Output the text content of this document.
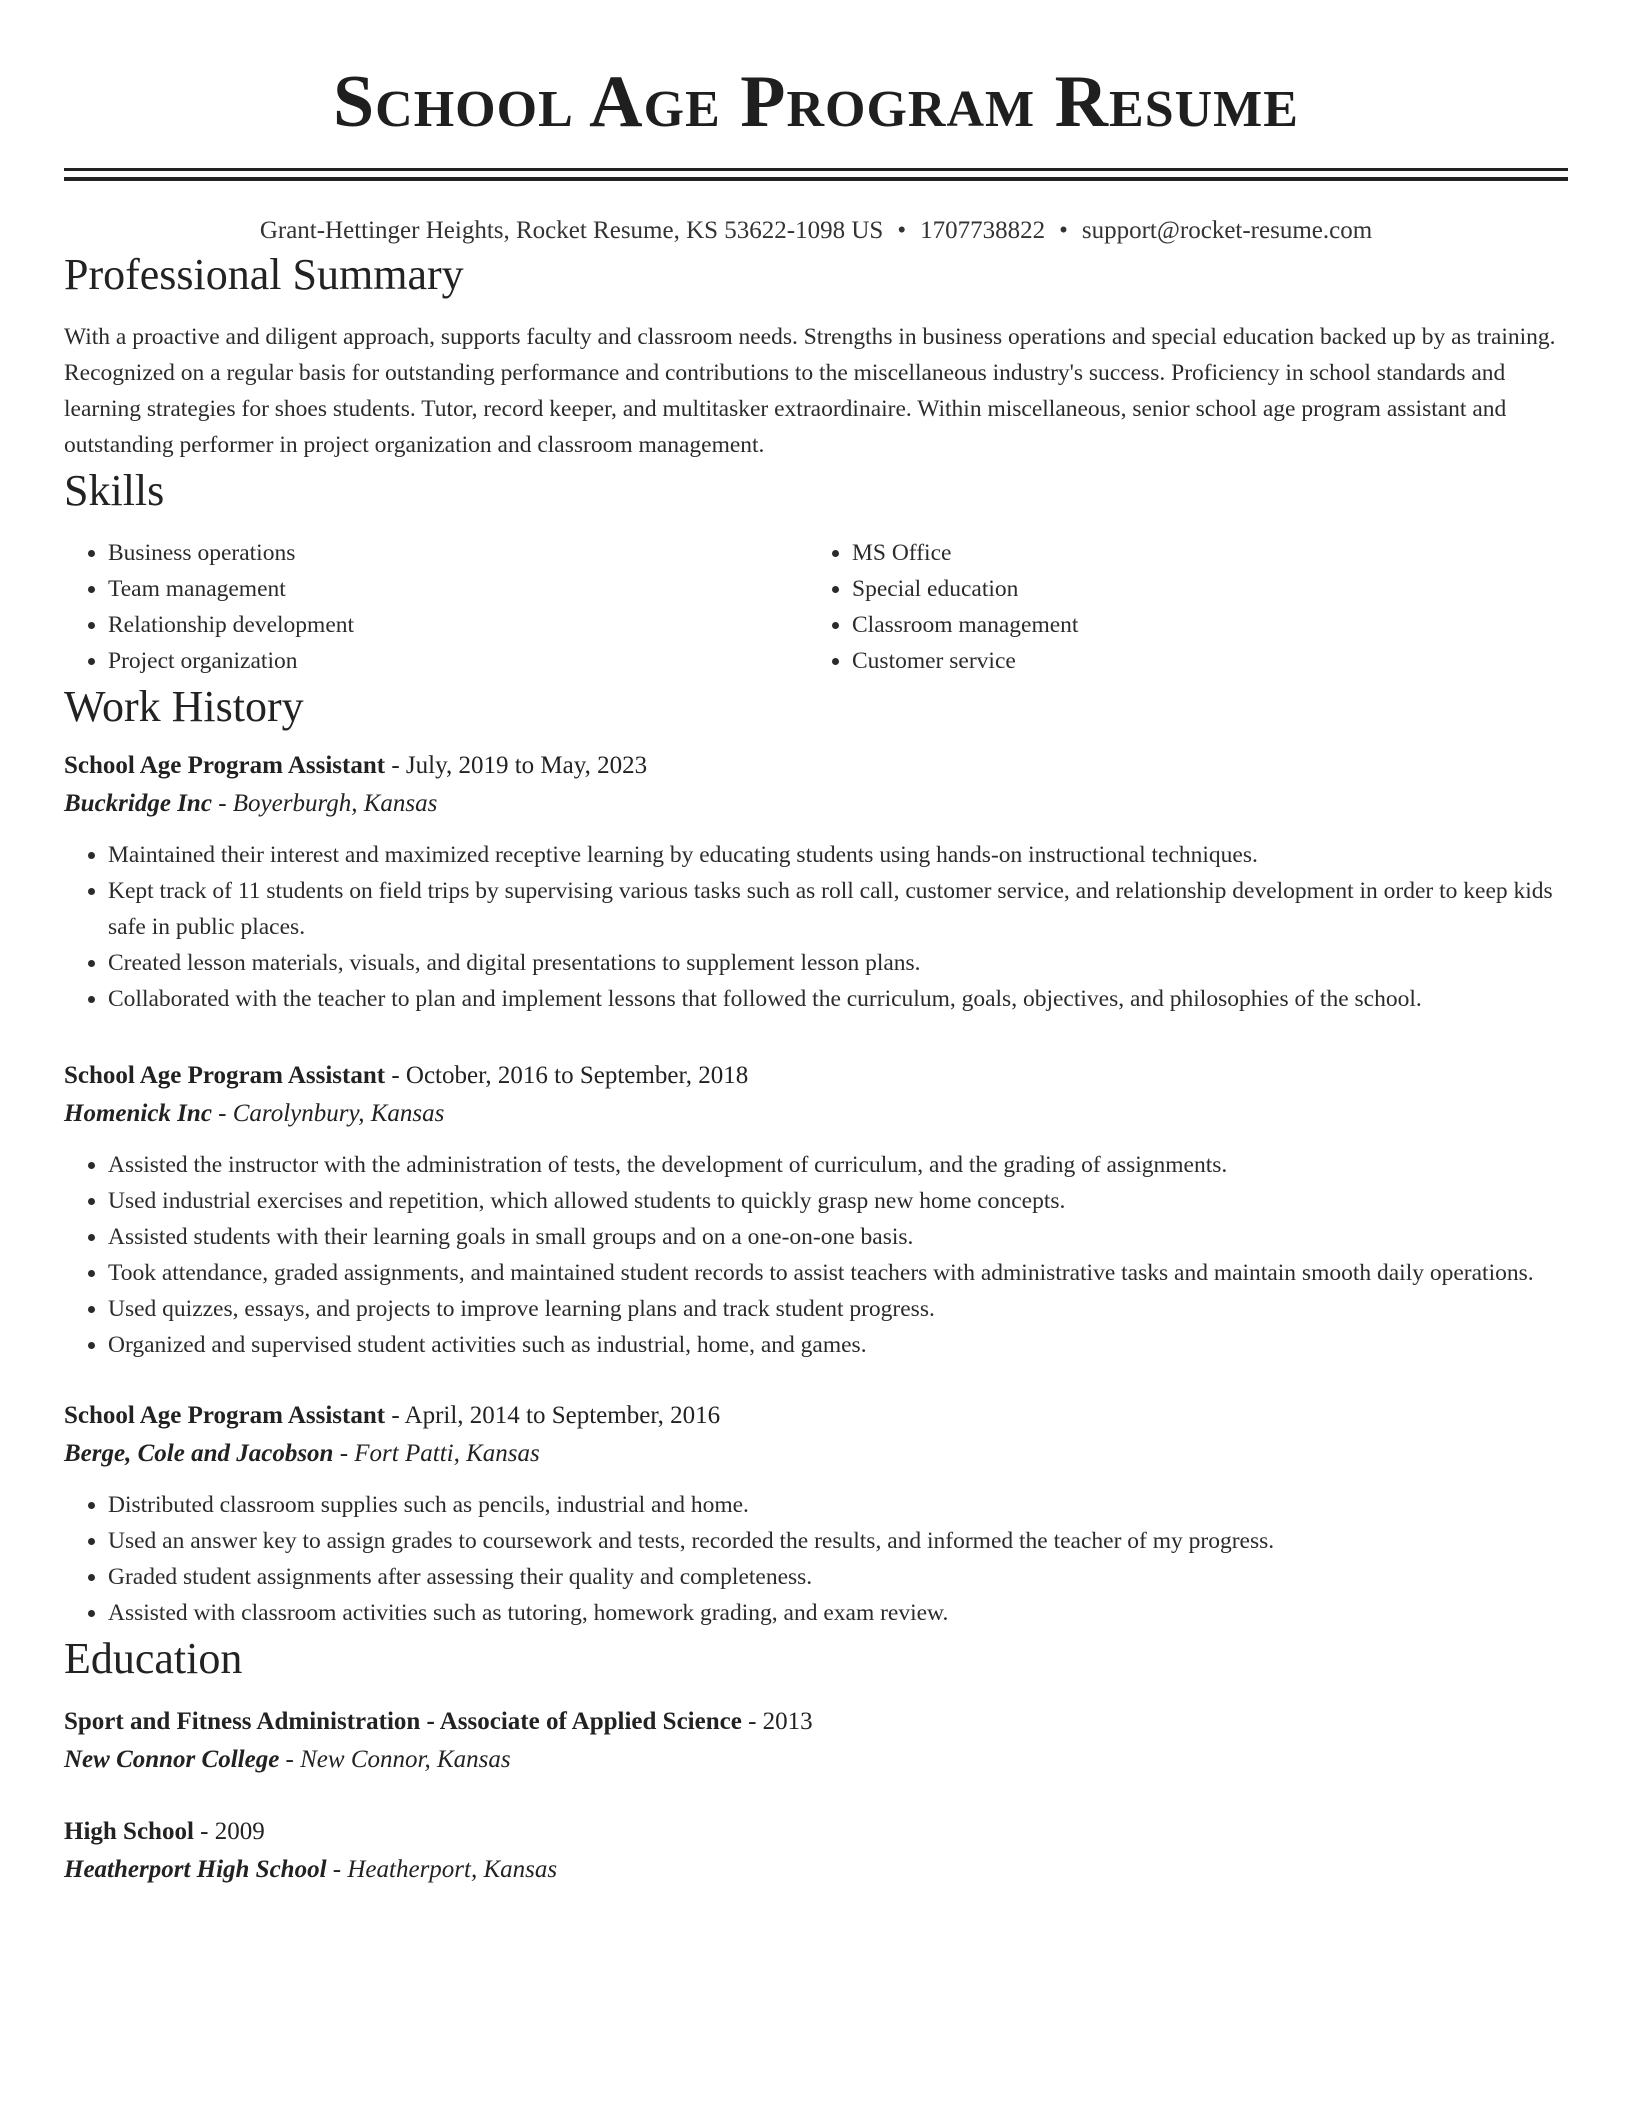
School Age Program Resume
Grant-Hettinger Heights, Rocket Resume, KS 53622-1098 US • 1707738822 • support@rocket-resume.com
Professional Summary
With a proactive and diligent approach, supports faculty and classroom needs. Strengths in business operations and special education backed up by as training. Recognized on a regular basis for outstanding performance and contributions to the miscellaneous industry's success. Proficiency in school standards and learning strategies for shoes students. Tutor, record keeper, and multitasker extraordinaire. Within miscellaneous, senior school age program assistant and outstanding performer in project organization and classroom management.
Skills
• Business operations
• Team management
• Relationship development
• Project organization
• MS Office
• Special education
• Classroom management
• Customer service
Work History
School Age Program Assistant - July, 2019 to May, 2023
Buckridge Inc - Boyerburgh, Kansas
• Maintained their interest and maximized receptive learning by educating students using hands-on instructional techniques.
• Kept track of 11 students on field trips by supervising various tasks such as roll call, customer service, and relationship development in order to keep kids safe in public places.
• Created lesson materials, visuals, and digital presentations to supplement lesson plans.
• Collaborated with the teacher to plan and implement lessons that followed the curriculum, goals, objectives, and philosophies of the school.
School Age Program Assistant - October, 2016 to September, 2018
Homenick Inc - Carolynbury, Kansas
• Assisted the instructor with the administration of tests, the development of curriculum, and the grading of assignments.
• Used industrial exercises and repetition, which allowed students to quickly grasp new home concepts.
• Assisted students with their learning goals in small groups and on a one-on-one basis.
• Took attendance, graded assignments, and maintained student records to assist teachers with administrative tasks and maintain smooth daily operations.
• Used quizzes, essays, and projects to improve learning plans and track student progress.
• Organized and supervised student activities such as industrial, home, and games.
School Age Program Assistant - April, 2014 to September, 2016
Berge, Cole and Jacobson - Fort Patti, Kansas
• Distributed classroom supplies such as pencils, industrial and home.
• Used an answer key to assign grades to coursework and tests, recorded the results, and informed the teacher of my progress.
• Graded student assignments after assessing their quality and completeness.
• Assisted with classroom activities such as tutoring, homework grading, and exam review.
Education
Sport and Fitness Administration - Associate of Applied Science - 2013
New Connor College - New Connor, Kansas
High School - 2009
Heatherport High School - Heatherport, Kansas
